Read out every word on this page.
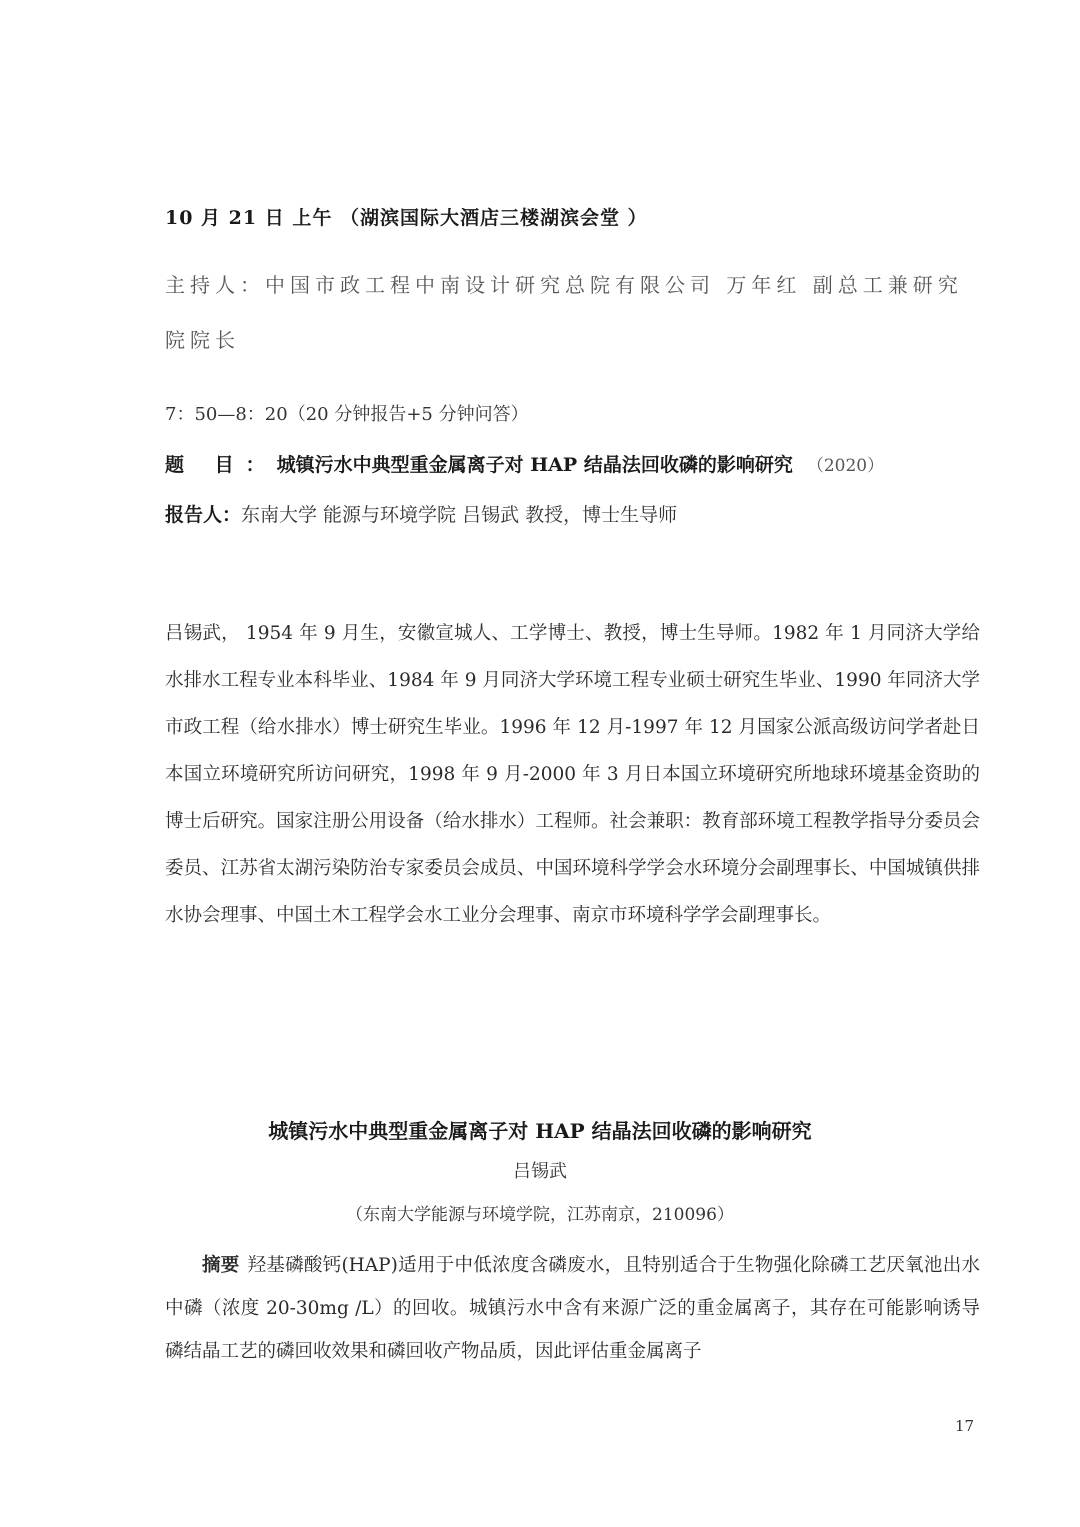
10 月 21 日 上午 （湖滨国际大酒店三楼湖滨会堂 ）
主持人：中国市政工程中南设计研究总院有限公司 万年红 副总工兼研究院院长
7：50—8：20（20 分钟报告+5 分钟问答）
题 目：城镇污水中典型重金属离子对 HAP 结晶法回收磷的影响研究 （2020）
报告人：东南大学 能源与环境学院 吕锡武 教授，博士生导师
吕锡武， 1954 年 9 月生，安徽宣城人、工学博士、教授，博士生导师。1982 年 1 月同济大学给水排水工程专业本科毕业、1984 年 9 月同济大学环境工程专业硕士研究生毕业、1990 年同济大学市政工程（给水排水）博士研究生毕业。1996 年 12 月-1997 年 12 月国家公派高级访问学者赴日本国立环境研究所访问研究，1998 年 9 月-2000 年 3 月日本国立环境研究所地球环境基金资助的博士后研究。国家注册公用设备（给水排水）工程师。社会兼职：教育部环境工程教学指导分委员会委员、江苏省太湖污染防治专家委员会成员、中国环境科学学会水环境分会副理事长、中国城镇供排水协会理事、中国土木工程学会水工业分会理事、南京市环境科学学会副理事长。
城镇污水中典型重金属离子对 HAP 结晶法回收磷的影响研究
吕锡武
（东南大学能源与环境学院，江苏南京，210096）
摘要 羟基磷酸钙(HAP)适用于中低浓度含磷废水，且特别适合于生物强化除磷工艺厌氧池出水中磷（浓度 20-30mg /L）的回收。城镇污水中含有来源广泛的重金属离子，其存在可能影响诱导磷结晶工艺的磷回收效果和磷回收产物品质，因此评估重金属离子
17
